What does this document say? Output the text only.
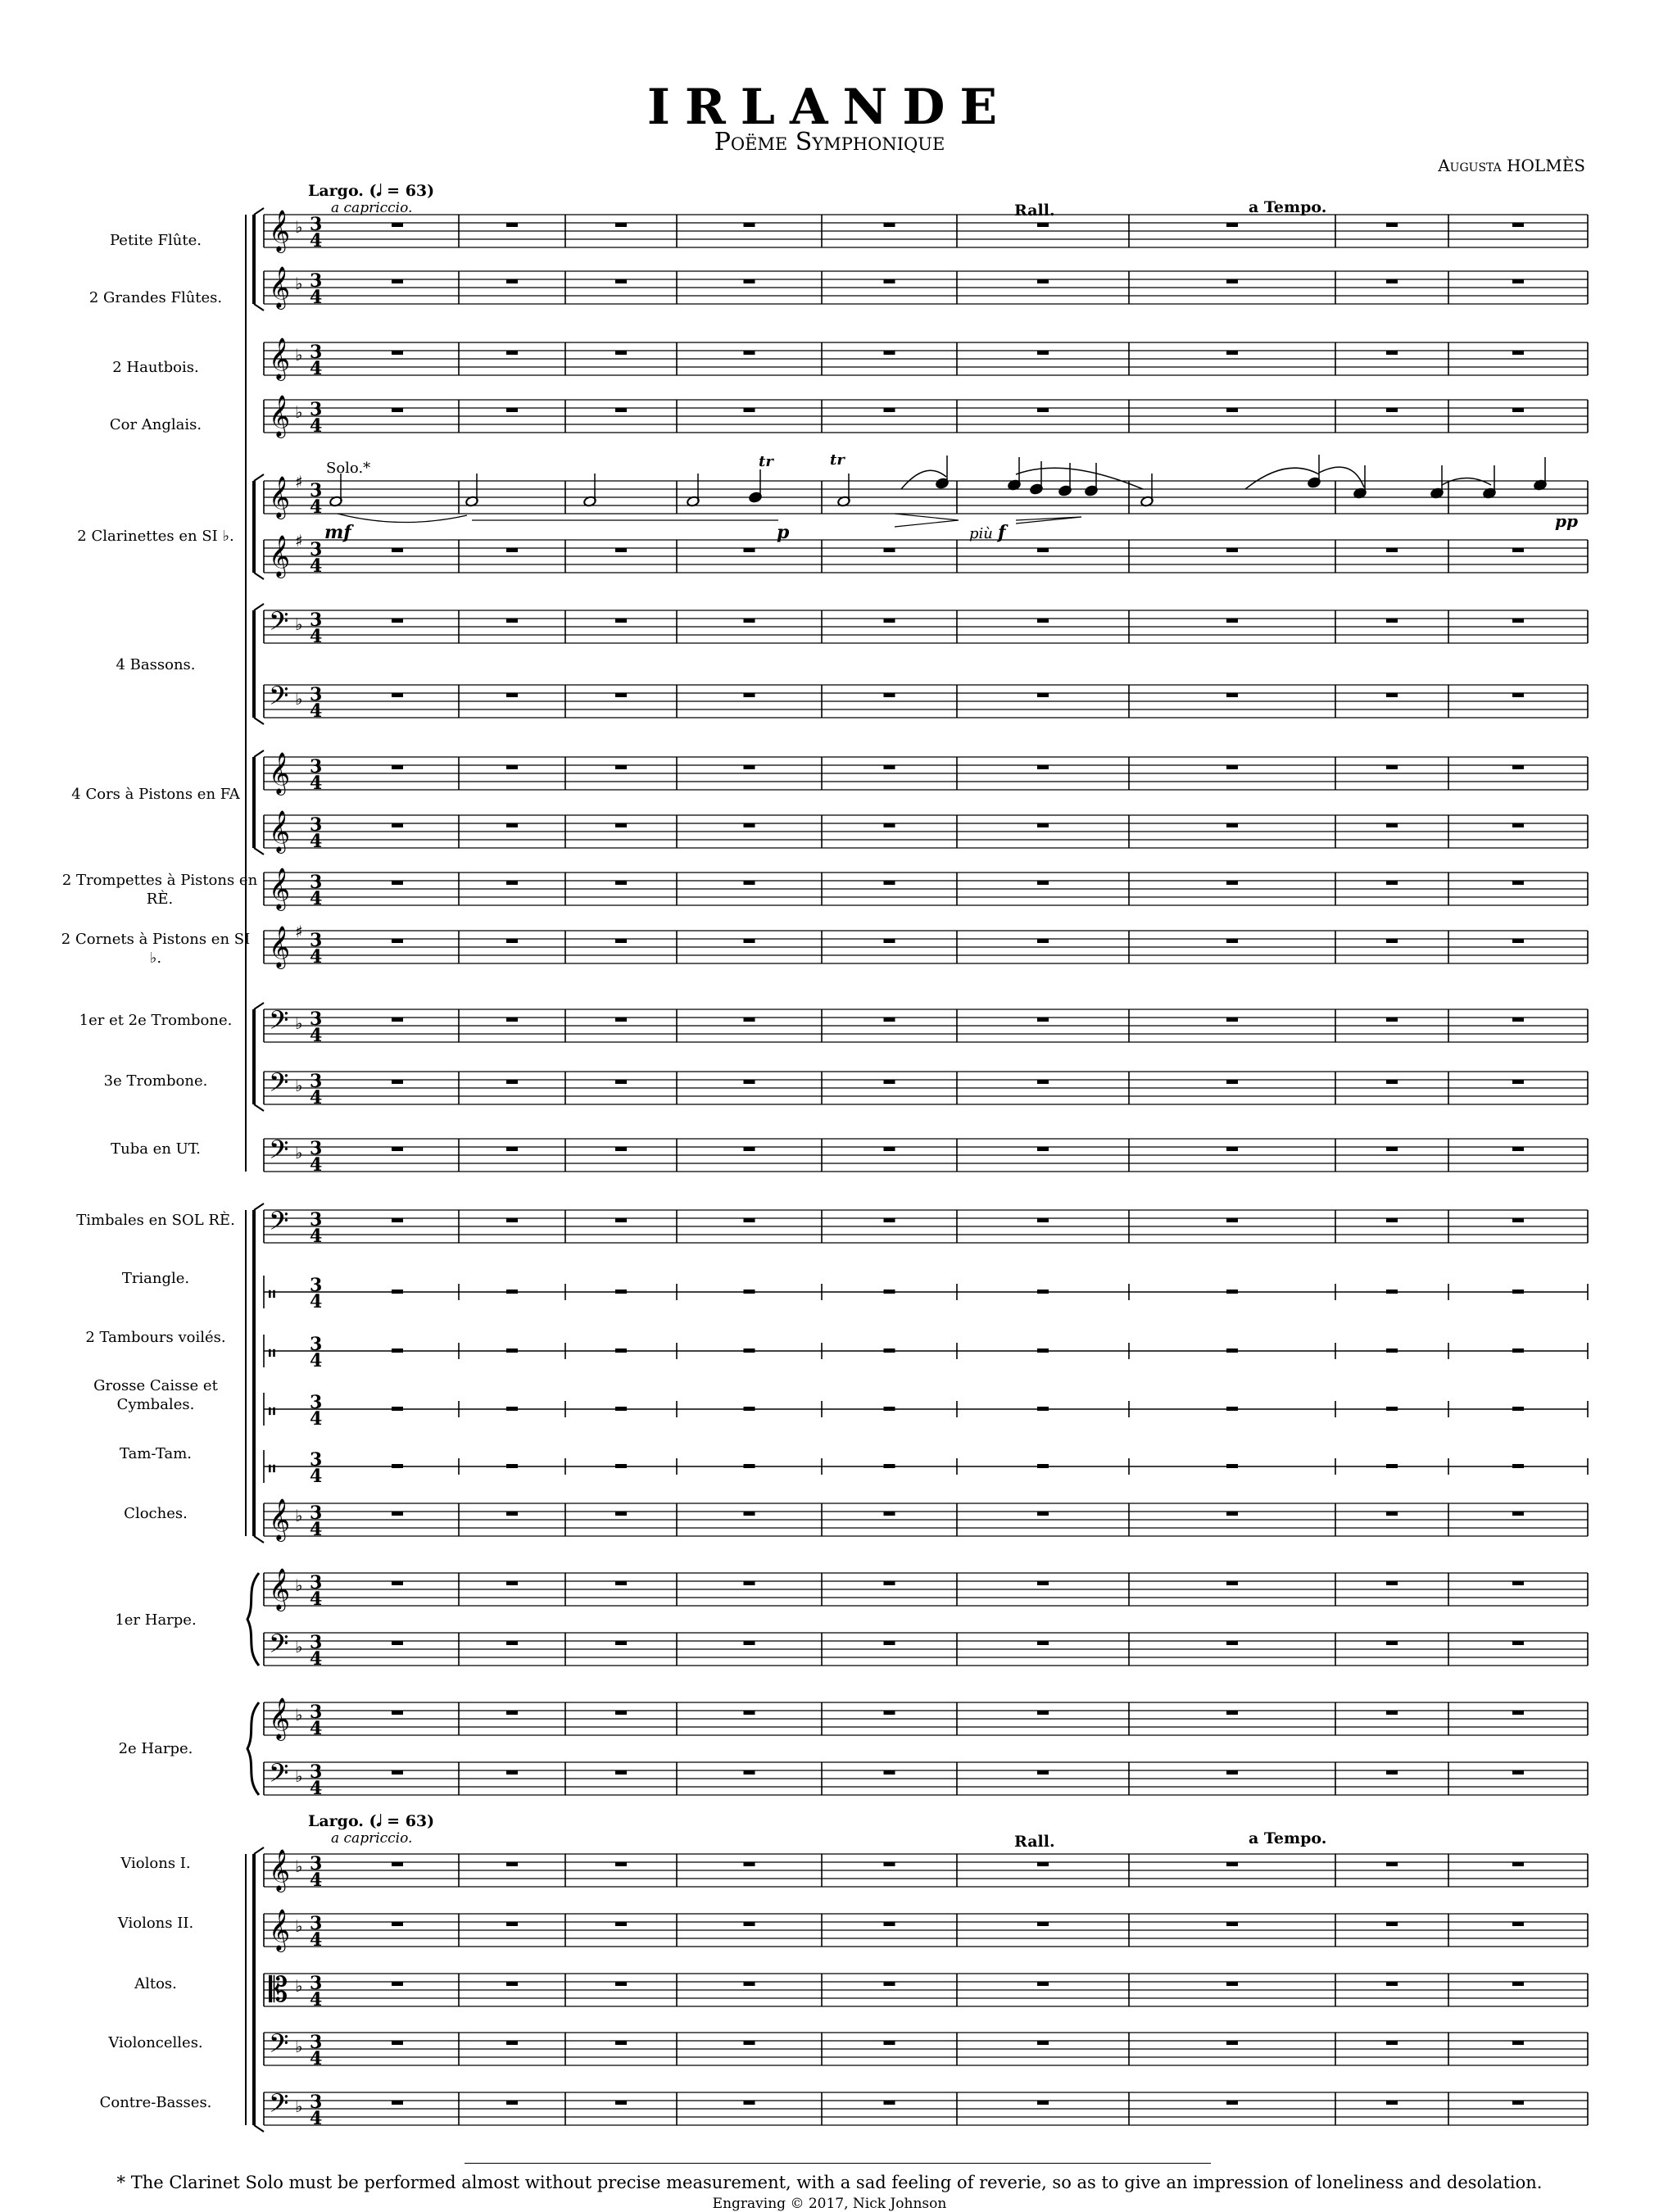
IRLANDE
Poëme Symphonique
Augusta HOLMÈS
Largo. (𝅗𝅥 = 63)
a capriccio.	Rall.	a Tempo.
Largo. (𝅗𝅥 = 63)
a capriccio.	Rall.	a Tempo.
Petite Flûte.
2 Grandes Flûtes.
2 Hautbois.
Cor Anglais.
2 Clarinettes en SI ♭.
4 Bassons.
4 Cors à Pistons en FA
2 Trompettes à Pistons en RÈ.
2 Cornets à Pistons en SI ♭.
1er et 2e Trombone.
3e Trombone.
Tuba en UT.
Timbales en SOL RÈ.
Triangle.
2 Tambours voilés.
Grosse Caisse et Cymbales.
Tam-Tam.
Cloches.
1er Harpe.
2e Harpe.
Violons I.
Violons II.
Altos.
Violoncelles.
Contre-Basses.
𝄞 ♭ 3
4
𝄞 ♭ 3
4
𝄞 ♭ 3
4
𝄞 ♭ 3
4
𝄞 ♯ 3
4
𝄞 ♯ 3
4
𝄢 ♭ 3
4
𝄢 ♭ 3
4
𝄞 3
4
𝄞 3
4
𝄞 3
4
𝄞 ♯ 3
4
𝄢 ♭ 3
4
𝄢 ♭ 3
4
𝄢 ♭ 3
4
𝄢 3
4
𝄥 3
4
𝄥 3
4
𝄥 3
4
𝄥 3
4
𝄞 ♭ 3
4
𝄞 ♭ 3
4
𝄢 ♭ 3
4
𝄞 ♭ 3
4
𝄢 ♭ 3
4
𝄞 ♭ 3
4
𝄞 ♭ 3
4
𝄡 ♭ 3
4
𝄢 ♭ 3
4
𝄢 ♭ 3
4
Solo.*
mf	p	più f
pp
tr	tr
* The Clarinet Solo must be performed almost without precise measurement, with a sad feeling of reverie, so as to give an impression of loneliness and desolation.
Engraving © 2017, Nick Johnson
